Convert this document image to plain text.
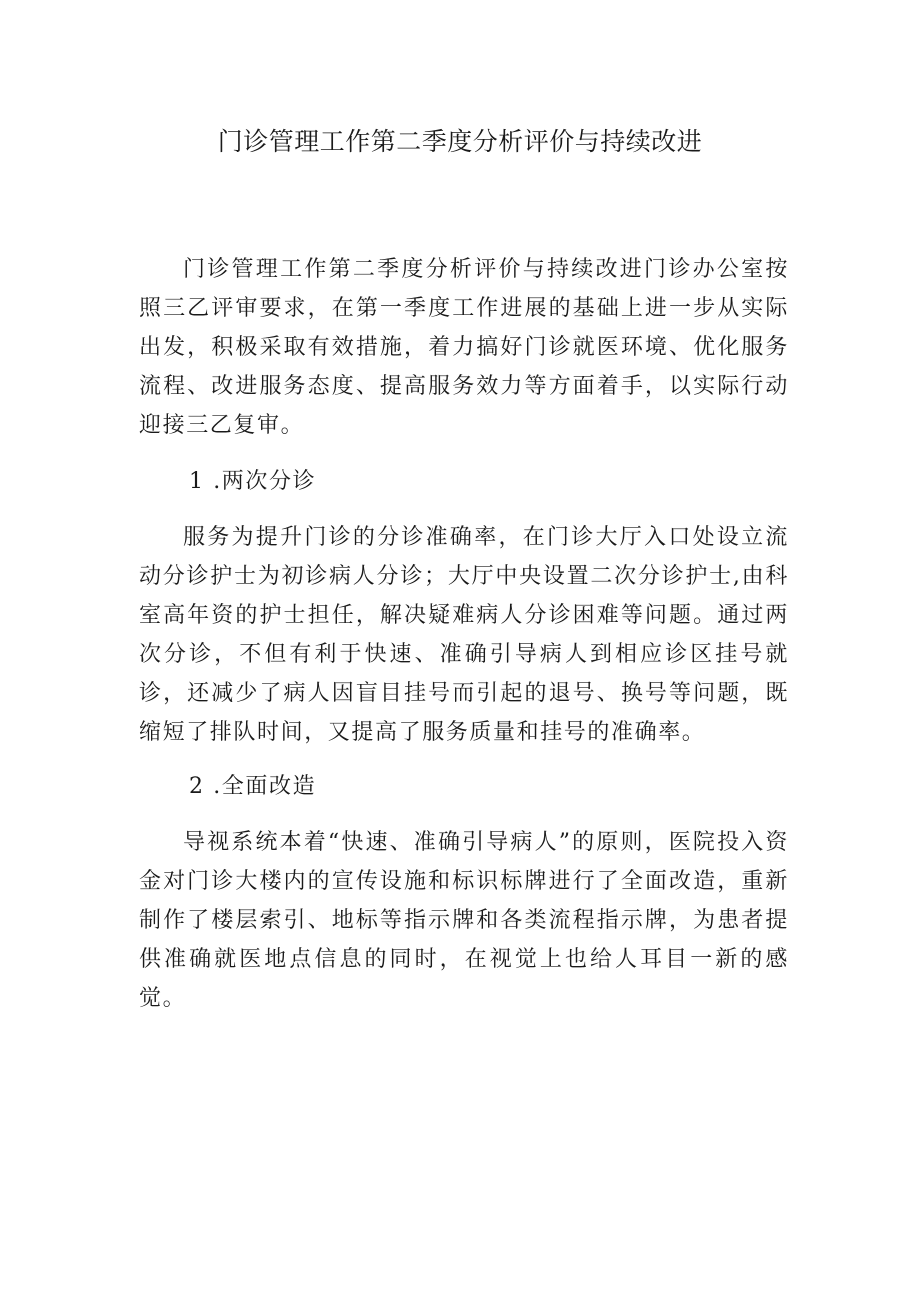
门诊管理工作第二季度分析评价与持续改进

门诊管理工作第二季度分析评价与持续改进门诊办公室按照三乙评审要求，在第一季度工作进展的基础上进一步从实际出发，积极采取有效措施，着力搞好门诊就医环境、优化服务流程、改进服务态度、提高服务效力等方面着手，以实际行动迎接三乙复审。

1 .两次分诊

服务为提升门诊的分诊准确率，在门诊大厅入口处设立流动分诊护士为初诊病人分诊；大厅中央设置二次分诊护士,由科室高年资的护士担任，解决疑难病人分诊困难等问题。通过两次分诊，不但有利于快速、准确引导病人到相应诊区挂号就诊，还减少了病人因盲目挂号而引起的退号、换号等问题，既缩短了排队时间，又提高了服务质量和挂号的准确率。

2 .全面改造

导视系统本着“快速、准确引导病人”的原则，医院投入资金对门诊大楼内的宣传设施和标识标牌进行了全面改造，重新制作了楼层索引、地标等指示牌和各类流程指示牌，为患者提供准确就医地点信息的同时，在视觉上也给人耳目一新的感觉。
